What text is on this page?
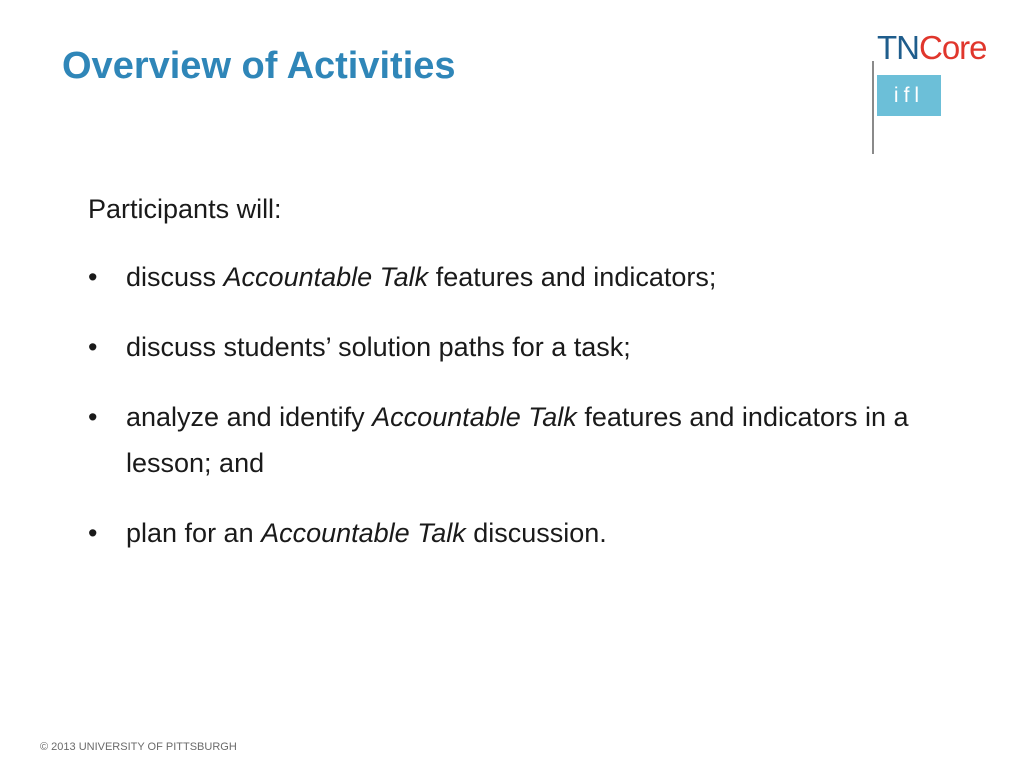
Overview of Activities	TNCore
ifl

Participants will:

• discuss Accountable Talk features and indicators;
• discuss students’ solution paths for a task;
• analyze and identify Accountable Talk features and indicators in a lesson; and
• plan for an Accountable Talk discussion.
© 2013 UNIVERSITY OF PITTSBURGH
